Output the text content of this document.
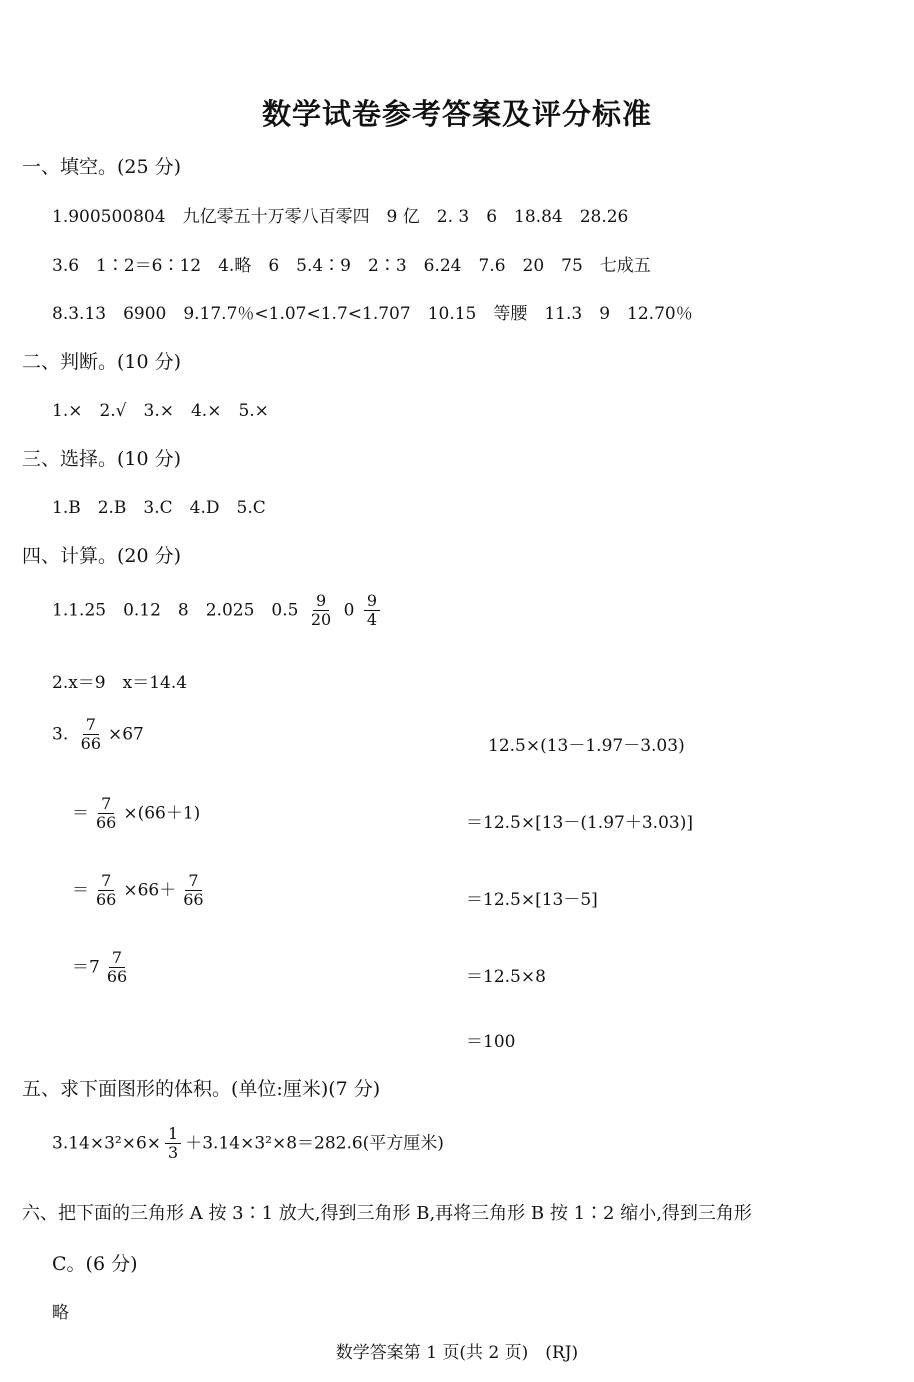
数学试卷参考答案及评分标准
一、填空。(25 分)
1.900500804　九亿零五十万零八百零四　9 亿　2. 3　6　18.84　28.26
3.6　1∶2＝6∶12　4.略　6　5.4∶9　2∶3　6.24　7.6　20　75　七成五
8.3.13　6900　9.17.7％<1.07<1.7<1.707　10.15　等腰　11.3　9　12.70％
二、判断。(10 分)
1.×　2.√　3.×　4.×　5.×
三、选择。(10 分)
1.B　2.B　3.C　4.D　5.C
四、计算。(20 分)
1.1.25　0.12　8　2.025　$0.5 \frac{9}{20} 0 \frac{9}{4}$
2.x＝9　x＝14.4
3. $\frac{7}{66} \times 67$
＝ $\frac{7}{66} \times(66+1)$
＝ $\frac{7}{66} \times 66+ \frac{7}{66}$
$=7 \frac{7}{66}$
12.5×(13－1.97－3.03)
＝12.5×[13－(1.97＋3.03)]
＝12.5×[13－5]
＝12.5×8
＝100
五、求下面图形的体积。(单位:厘米)(7 分)
$3.14\times 3^2\times 6\times \frac{1}{3} +3.14\times 3^2\times 8=282.6$(平方厘米)
六、把下面的三角形 A 按 3∶1 放大,得到三角形 B,再将三角形 B 按 1∶2 缩小,得到三角形
C。(6 分)
略
数学答案第 1 页(共 2 页)　(RJ)
